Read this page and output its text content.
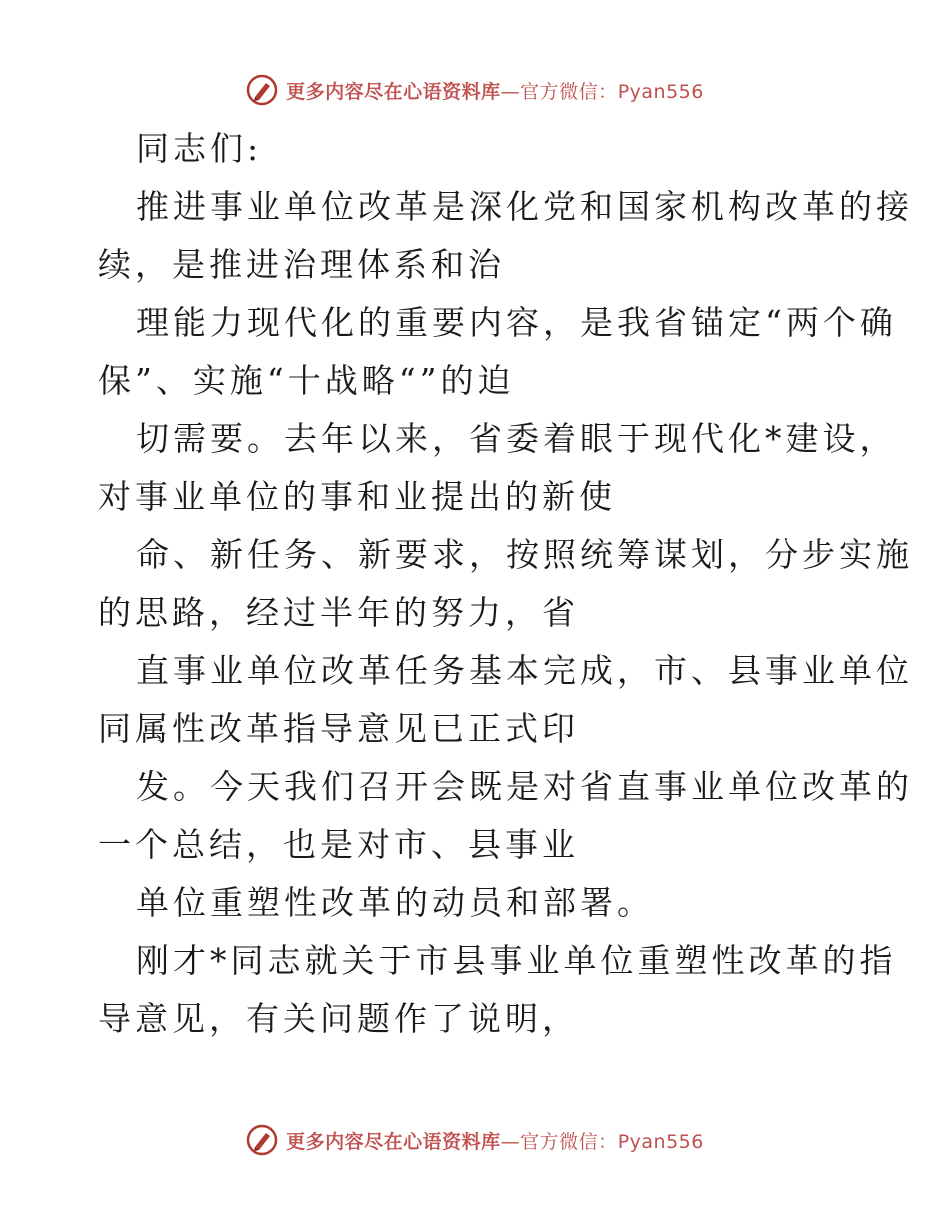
更多内容尽在心语资料库—官方微信：Pyan556
同志们:
推进事业单位改革是深化党和国家机构改革的接
续，是推进治理体系和治
理能力现代化的重要内容，是我省锚定“两个确
保”、实施“十战略“”的迫
切需要。去年以来，省委着眼于现代化*建设，
对事业单位的事和业提出的新使
命、新任务、新要求，按照统筹谋划，分步实施
的思路，经过半年的努力，省
直事业单位改革任务基本完成，市、县事业单位
同属性改革指导意见已正式印
发。今天我们召开会既是对省直事业单位改革的
一个总结，也是对市、县事业
单位重塑性改革的动员和部署。
刚才*同志就关于市县事业单位重塑性改革的指
导意见，有关问题作了说明，
更多内容尽在心语资料库—官方微信：Pyan556
